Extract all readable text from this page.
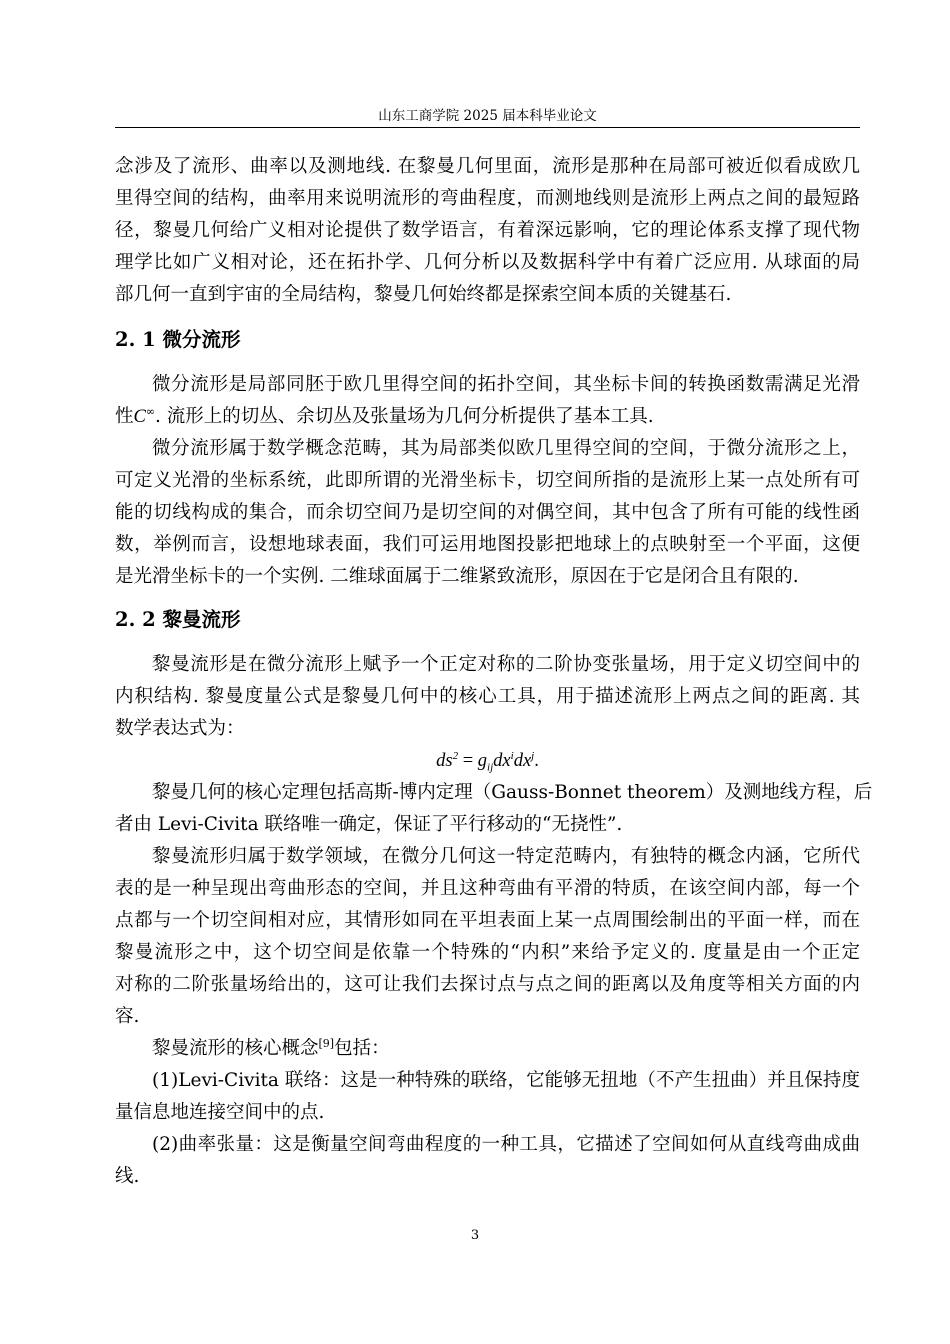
山东工商学院 2025 届本科毕业论文
念涉及了流形、曲率以及测地线. 在黎曼几何里面，流形是那种在局部可被近似看成欧几
里得空间的结构，曲率用来说明流形的弯曲程度，而测地线则是流形上两点之间的最短路
径，黎曼几何给广义相对论提供了数学语言，有着深远影响，它的理论体系支撑了现代物
理学比如广义相对论，还在拓扑学、几何分析以及数据科学中有着广泛应用. 从球面的局
部几何一直到宇宙的全局结构，黎曼几何始终都是探索空间本质的关键基石.
2. 1 微分流形
微分流形是局部同胚于欧几里得空间的拓扑空间，其坐标卡间的转换函数需满足光滑
性C∞. 流形上的切丛、余切丛及张量场为几何分析提供了基本工具.
微分流形属于数学概念范畴，其为局部类似欧几里得空间的空间，于微分流形之上，
可定义光滑的坐标系统，此即所谓的光滑坐标卡，切空间所指的是流形上某一点处所有可
能的切线构成的集合，而余切空间乃是切空间的对偶空间，其中包含了所有可能的线性函
数，举例而言，设想地球表面，我们可运用地图投影把地球上的点映射至一个平面，这便
是光滑坐标卡的一个实例. 二维球面属于二维紧致流形，原因在于它是闭合且有限的.
2. 2 黎曼流形
黎曼流形是在微分流形上赋予一个正定对称的二阶协变张量场，用于定义切空间中的
内积结构. 黎曼度量公式是黎曼几何中的核心工具，用于描述流形上两点之间的距离. 其
数学表达式为：
$ds^2 = g_{ij}dx^idx^j$.
黎曼几何的核心定理包括高斯-博内定理（Gauss-Bonnet theorem）及测地线方程，后
者由 Levi-Civita 联络唯一确定，保证了平行移动的“无挠性”.
黎曼流形归属于数学领域，在微分几何这一特定范畴内，有独特的概念内涵，它所代
表的是一种呈现出弯曲形态的空间，并且这种弯曲有平滑的特质，在该空间内部，每一个
点都与一个切空间相对应，其情形如同在平坦表面上某一点周围绘制出的平面一样，而在
黎曼流形之中，这个切空间是依靠一个特殊的“内积”来给予定义的. 度量是由一个正定
对称的二阶张量场给出的，这可让我们去探讨点与点之间的距离以及角度等相关方面的内
容.
黎曼流形的核心概念[9]包括：
(1)Levi-Civita 联络：这是一种特殊的联络，它能够无扭地（不产生扭曲）并且保持度
量信息地连接空间中的点.
(2)曲率张量：这是衡量空间弯曲程度的一种工具，它描述了空间如何从直线弯曲成曲
线.
3
